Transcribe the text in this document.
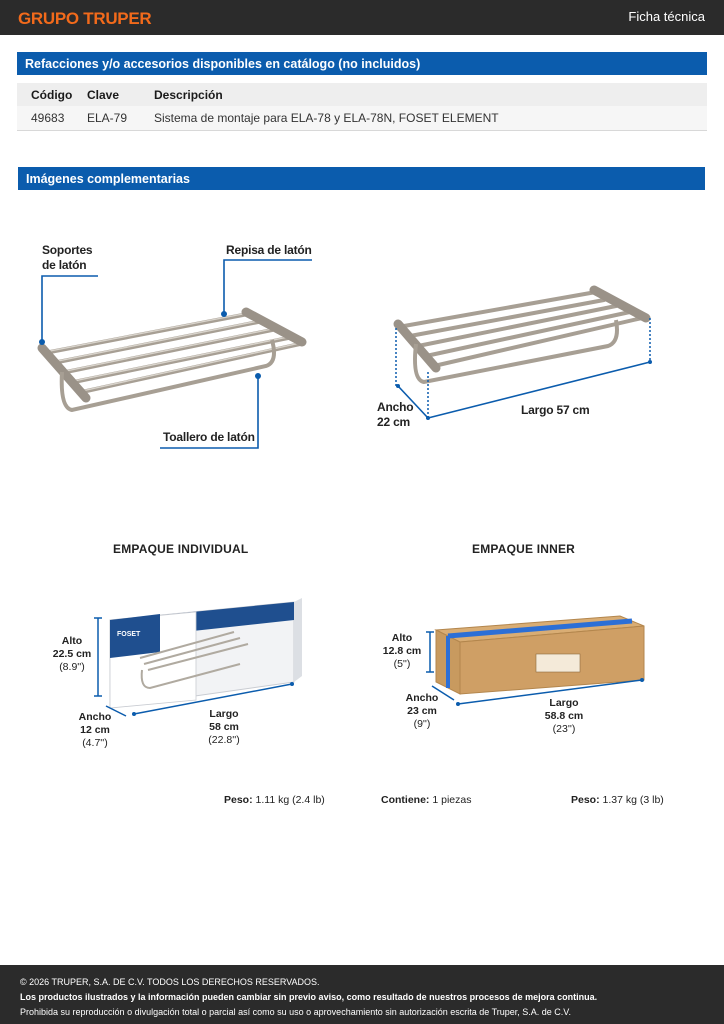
GRUPO TRUPER	Ficha técnica
Refacciones y/o accesorios disponibles en catálogo (no incluidos)
Código	Clave	Descripción
49683	ELA-79	Sistema de montaje para ELA-78 y ELA-78N, FOSET ELEMENT
Imágenes complementarias
Soportes
de latón
Repisa de latón
Toallero de latón
Ancho
22 cm
Largo 57 cm
EMPAQUE INDIVIDUAL	EMPAQUE INNER
FOSET
Alto
22.5 cm
(8.9'')
Ancho
12 cm
(4.7'')
Largo
58 cm
(22.8'')
Alto
12.8 cm
(5'')
Ancho
23 cm
(9'')
Largo
58.8 cm
(23'')
Peso: 1.11 kg (2.4 lb)	Contiene: 1 piezas	Peso: 1.37 kg (3 lb)
© 2026 TRUPER, S.A. DE C.V. TODOS LOS DERECHOS RESERVADOS.
Los productos ilustrados y la información pueden cambiar sin previo aviso, como resultado de nuestros procesos de mejora continua.
Prohibida su reproducción o divulgación total o parcial así como su uso o aprovechamiento sin autorización escrita de Truper, S.A. de C.V.
